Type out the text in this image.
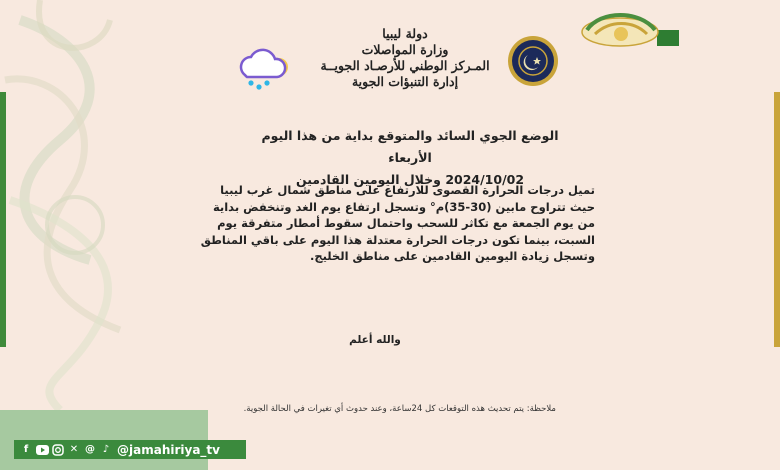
دولة ليبيا
وزارة المواصلات
المـركز الوطني للأرصـاد الجويــة
إدارة التنبؤات الجوية
الوضع الجوي السائد والمتوقع بداية من هذا اليوم الأربعاء
2024/10/02 وخلال اليومين القادمين
تميل درجات الحرارة القصوى للارتفاع على مناطق شمال غرب ليبيا حيث تتراوح مابين (30-35)م° وتسجل ارتفاع يوم الغد وتنخفض بداية من يوم الجمعة مع تكاثر للسحب واحتمال سقوط أمطار متفرقة يوم السبت، بينما تكون درجات الحرارة معتدلة هذا اليوم على باقي المناطق وتسجل زيادة اليومين القادمين على مناطق الخليج.
والله أعلم
ملاحظة: يتم تحديث هذه التوقعات كل 24ساعة، وعند حدوث أي تغيرات في الحالة الجوية.
f	✕ @ ♪ @jamahiriya_tv
